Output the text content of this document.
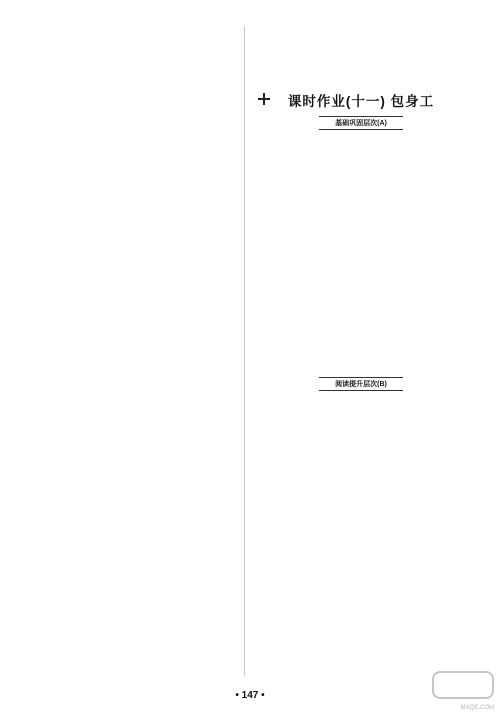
课时作业(十一) 包身工
基础巩固层次(A)
阅读提升层次(B)
• 147 •
MXQE.COM
